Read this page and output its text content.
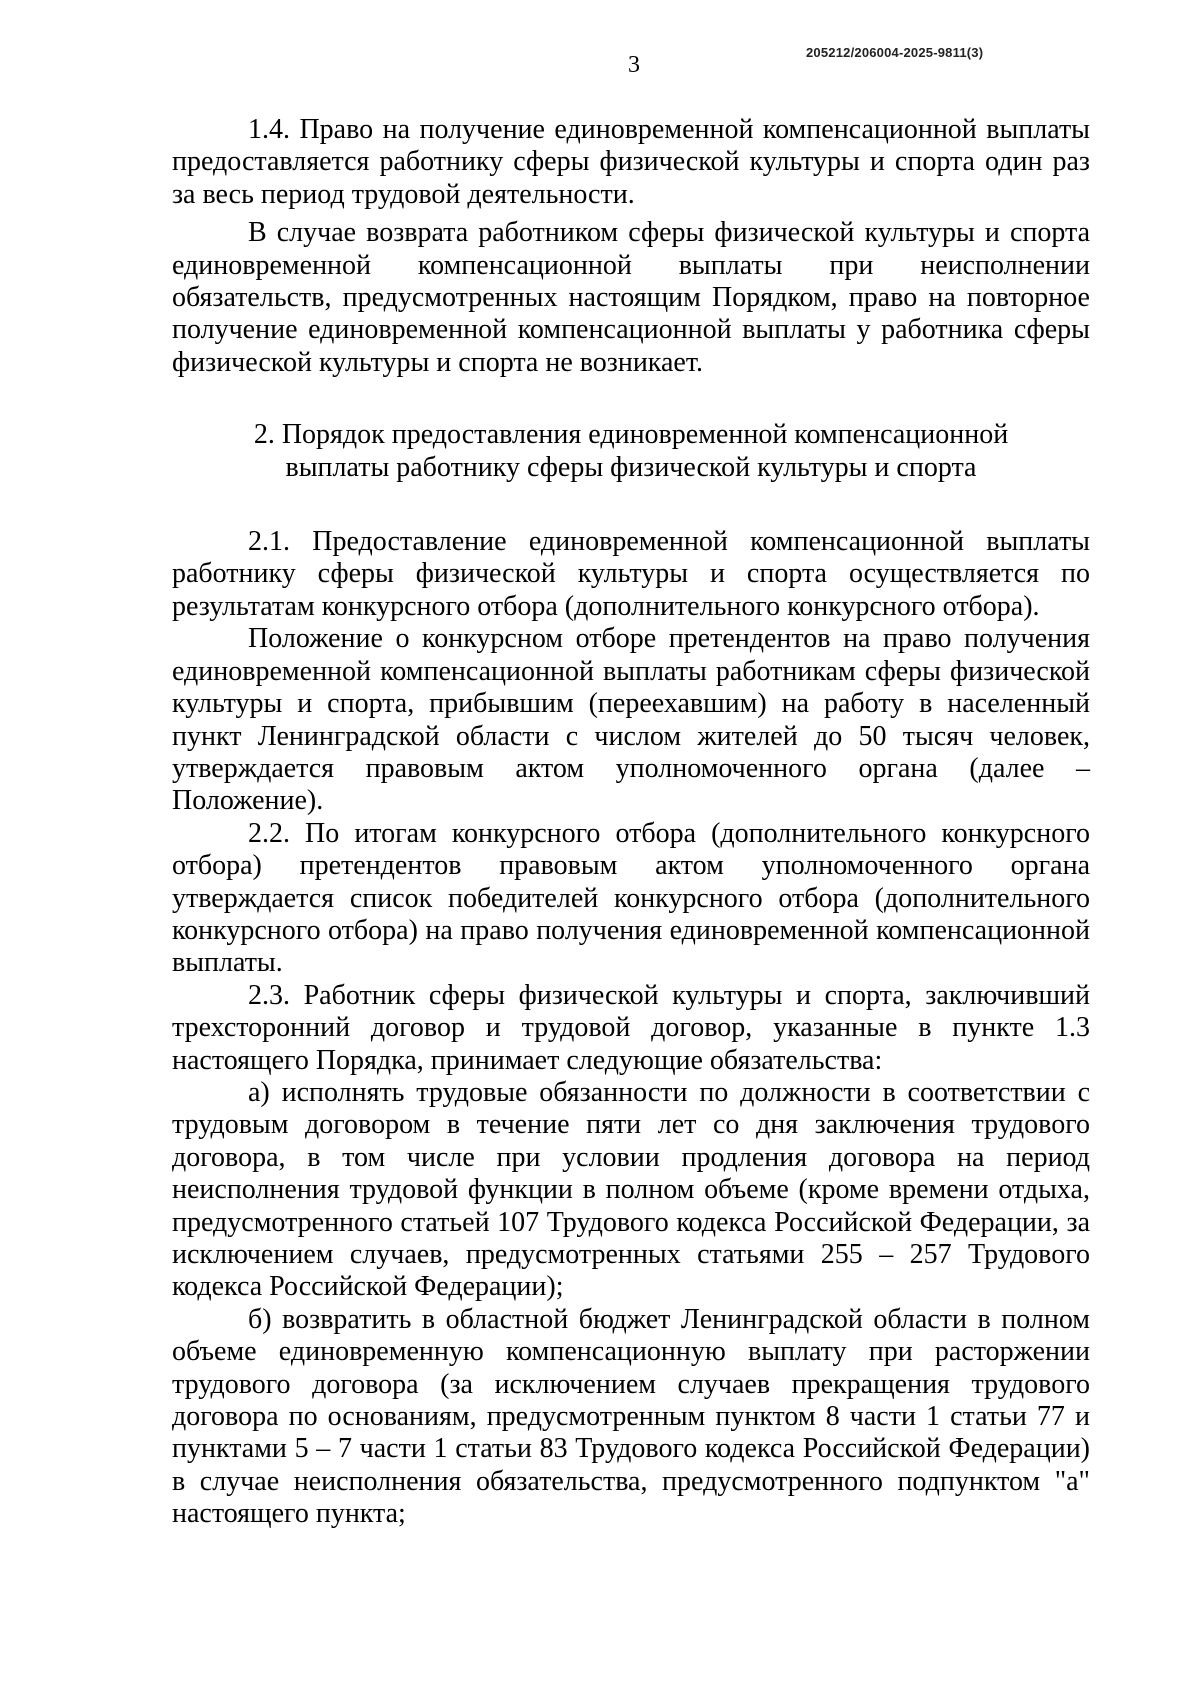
3	205212/206004-2025-9811(3)

1.4. Право на получение единовременной компенсационной выплаты предоставляется работнику сферы физической культуры и спорта один раз за весь период трудовой деятельности.

В случае возврата работником сферы физической культуры и спорта единовременной компенсационной выплаты при неисполнении обязательств, предусмотренных настоящим Порядком, право на повторное получение единовременной компенсационной выплаты у работника сферы физической культуры и спорта не возникает.

2. Порядок предоставления единовременной компенсационной
выплаты работнику сферы физической культуры и спорта

2.1. Предоставление единовременной компенсационной выплаты работнику сферы физической культуры и спорта осуществляется по результатам конкурсного отбора (дополнительного конкурсного отбора).

Положение о конкурсном отборе претендентов на право получения единовременной компенсационной выплаты работникам сферы физической культуры и спорта, прибывшим (переехавшим) на работу в населенный пункт Ленинградской области с числом жителей до 50 тысяч человек, утверждается правовым актом уполномоченного органа (далее – Положение).

2.2. По итогам конкурсного отбора (дополнительного конкурсного отбора) претендентов правовым актом уполномоченного органа утверждается список победителей конкурсного отбора (дополнительного конкурсного отбора) на право получения единовременной компенсационной выплаты.

2.3. Работник сферы физической культуры и спорта, заключивший трехсторонний договор и трудовой договор, указанные в пункте 1.3 настоящего Порядка, принимает следующие обязательства:

а) исполнять трудовые обязанности по должности в соответствии с трудовым договором в течение пяти лет со дня заключения трудового договора, в том числе при условии продления договора на период неисполнения трудовой функции в полном объеме (кроме времени отдыха, предусмотренного статьей 107 Трудового кодекса Российской Федерации, за исключением случаев, предусмотренных статьями 255 – 257 Трудового кодекса Российской Федерации);

б) возвратить в областной бюджет Ленинградской области в полном объеме единовременную компенсационную выплату при расторжении трудового договора (за исключением случаев прекращения трудового договора по основаниям, предусмотренным пунктом 8 части 1 статьи 77 и пунктами 5 – 7 части 1 статьи 83 Трудового кодекса Российской Федерации) в случае неисполнения обязательства, предусмотренного подпунктом "а" настоящего пункта;
